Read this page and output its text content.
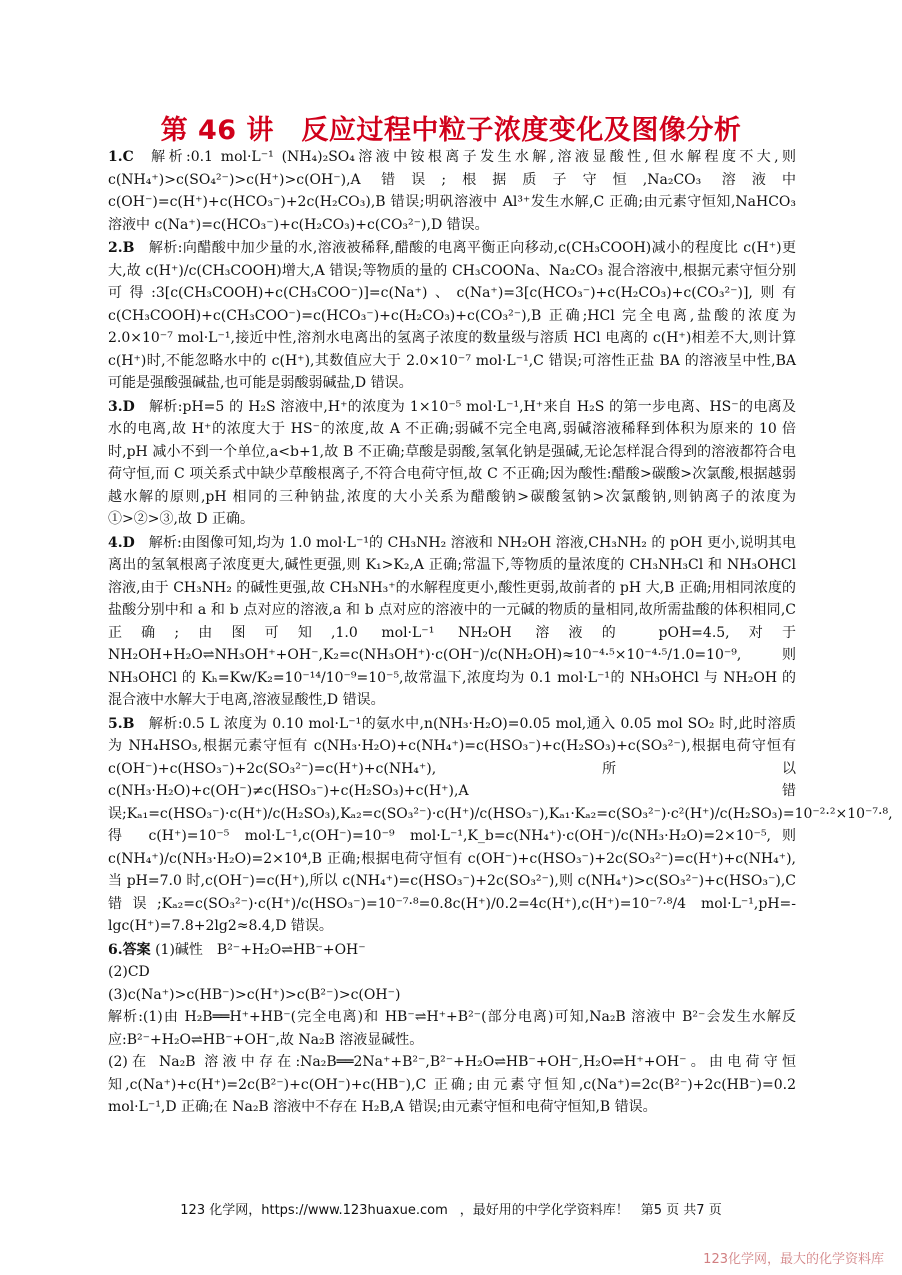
第 46 讲　反应过程中粒子浓度变化及图像分析

1.C 解析:0.1 mol·L⁻¹ (NH₄)₂SO₄溶液中铵根离子发生水解,溶液显酸性,但水解程度不大,则 c(NH₄⁺)>c(SO₄²⁻)>c(H⁺)>c(OH⁻),A 错误;根据质子守恒,Na₂CO₃ 溶液中 c(OH⁻)=c(H⁺)+c(HCO₃⁻)+2c(H₂CO₃),B 错误;明矾溶液中 Al³⁺发生水解,C 正确;由元素守恒知,NaHCO₃ 溶液中 c(Na⁺)=c(HCO₃⁻)+c(H₂CO₃)+c(CO₃²⁻),D 错误。

2.B 解析:向醋酸中加少量的水,溶液被稀释,醋酸的电离平衡正向移动,c(CH₃COOH)减小的程度比 c(H⁺)更大,故 c(H⁺)/c(CH₃COOH)增大,A 错误;等物质的量的 CH₃COONa、Na₂CO₃ 混合溶液中,根据元素守恒分别可得:3[c(CH₃COOH)+c(CH₃COO⁻)]=c(Na⁺)、c(Na⁺)=3[c(HCO₃⁻)+c(H₂CO₃)+c(CO₃²⁻)],则有 c(CH₃COOH)+c(CH₃COO⁻)=c(HCO₃⁻)+c(H₂CO₃)+c(CO₃²⁻),B 正确;HCl 完全电离,盐酸的浓度为 2.0×10⁻⁷ mol·L⁻¹,接近中性,溶剂水电离出的氢离子浓度的数量级与溶质 HCl 电离的 c(H⁺)相差不大,则计算 c(H⁺)时,不能忽略水中的 c(H⁺),其数值应大于 2.0×10⁻⁷ mol·L⁻¹,C 错误;可溶性正盐 BA 的溶液呈中性,BA 可能是强酸强碱盐,也可能是弱酸弱碱盐,D 错误。

3.D 解析:pH=5 的 H₂S 溶液中,H⁺的浓度为 1×10⁻⁵ mol·L⁻¹,H⁺来自 H₂S 的第一步电离、HS⁻的电离及水的电离,故 H⁺的浓度大于 HS⁻的浓度,故 A 不正确;弱碱不完全电离,弱碱溶液稀释到体积为原来的 10 倍时,pH 减小不到一个单位,a<b+1,故 B 不正确;草酸是弱酸,氢氧化钠是强碱,无论怎样混合得到的溶液都符合电荷守恒,而 C 项关系式中缺少草酸根离子,不符合电荷守恒,故 C 不正确;因为酸性:醋酸>碳酸>次氯酸,根据越弱越水解的原则,pH 相同的三种钠盐,浓度的大小关系为醋酸钠>碳酸氢钠>次氯酸钠,则钠离子的浓度为①>②>③,故 D 正确。

4.D 解析:由图像可知,均为 1.0 mol·L⁻¹的 CH₃NH₂ 溶液和 NH₂OH 溶液,CH₃NH₂ 的 pOH 更小,说明其电离出的氢氧根离子浓度更大,碱性更强,则 K₁>K₂,A 正确;常温下,等物质的量浓度的 CH₃NH₃Cl 和 NH₃OHCl 溶液,由于 CH₃NH₂ 的碱性更强,故 CH₃NH₃⁺的水解程度更小,酸性更弱,故前者的 pH 大,B 正确;用相同浓度的盐酸分别中和 a 和 b 点对应的溶液,a 和 b 点对应的溶液中的一元碱的物质的量相同,故所需盐酸的体积相同,C 正确;由图可知,1.0 mol·L⁻¹ NH₂OH 溶液的 pOH=4.5,对于 NH₂OH+H₂O⇌NH₃OH⁺+OH⁻,K₂=c(NH₃OH⁺)·c(OH⁻)/c(NH₂OH)≈10⁻⁴·⁵×10⁻⁴·⁵/1.0=10⁻⁹,则 NH₃OHCl 的 Kₕ=Kw/K₂=10⁻¹⁴/10⁻⁹=10⁻⁵,故常温下,浓度均为 0.1 mol·L⁻¹的 NH₃OHCl 与 NH₂OH 的混合液中水解大于电离,溶液显酸性,D 错误。

5.B 解析:0.5 L 浓度为 0.10 mol·L⁻¹的氨水中,n(NH₃·H₂O)=0.05 mol,通入 0.05 mol SO₂ 时,此时溶质为 NH₄HSO₃,根据元素守恒有 c(NH₃·H₂O)+c(NH₄⁺)=c(HSO₃⁻)+c(H₂SO₃)+c(SO₃²⁻),根据电荷守恒有 c(OH⁻)+c(HSO₃⁻)+2c(SO₃²⁻)=c(H⁺)+c(NH₄⁺),所以 c(NH₃·H₂O)+c(OH⁻)≠c(HSO₃⁻)+c(H₂SO₃)+c(H⁺),A 错误;Kₐ₁=c(HSO₃⁻)·c(H⁺)/c(H₂SO₃),Kₐ₂=c(SO₃²⁻)·c(H⁺)/c(HSO₃⁻),Kₐ₁·Kₐ₂=c(SO₃²⁻)·c²(H⁺)/c(H₂SO₃)=10⁻²·²×10⁻⁷·⁸,得 c(H⁺)=10⁻⁵ mol·L⁻¹,c(OH⁻)=10⁻⁹ mol·L⁻¹,K_b=c(NH₄⁺)·c(OH⁻)/c(NH₃·H₂O)=2×10⁻⁵,则 c(NH₄⁺)/c(NH₃·H₂O)=2×10⁴,B 正确;根据电荷守恒有 c(OH⁻)+c(HSO₃⁻)+2c(SO₃²⁻)=c(H⁺)+c(NH₄⁺),当 pH=7.0 时,c(OH⁻)=c(H⁺),所以 c(NH₄⁺)=c(HSO₃⁻)+2c(SO₃²⁻),则 c(NH₄⁺)>c(SO₃²⁻)+c(HSO₃⁻),C 错误;Kₐ₂=c(SO₃²⁻)·c(H⁺)/c(HSO₃⁻)=10⁻⁷·⁸=0.8c(H⁺)/0.2=4c(H⁺),c(H⁺)=10⁻⁷·⁸/4 mol·L⁻¹,pH=-lgc(H⁺)=7.8+2lg2≈8.4,D 错误。

6.答案 (1)碱性　B²⁻+H₂O⇌HB⁻+OH⁻
(2)CD
(3)c(Na⁺)>c(HB⁻)>c(H⁺)>c(B²⁻)>c(OH⁻)
解析:(1)由 H₂B══H⁺+HB⁻(完全电离)和 HB⁻⇌H⁺+B²⁻(部分电离)可知,Na₂B 溶液中 B²⁻会发生水解反应:B²⁻+H₂O⇌HB⁻+OH⁻,故 Na₂B 溶液显碱性。
(2)在 Na₂B 溶液中存在:Na₂B══2Na⁺+B²⁻,B²⁻+H₂O⇌HB⁻+OH⁻,H₂O⇌H⁺+OH⁻。由电荷守恒知,c(Na⁺)+c(H⁺)=2c(B²⁻)+c(OH⁻)+c(HB⁻),C 正确;由元素守恒知,c(Na⁺)=2c(B²⁻)+2c(HB⁻)=0.2 mol·L⁻¹,D 正确;在 Na₂B 溶液中不存在 H₂B,A 错误;由元素守恒和电荷守恒知,B 错误。
123 化学网，https://www.123huaxue.com ，最好用的中学化学资料库！ 第5 页 共7 页
123化学网，最大的化学资料库
